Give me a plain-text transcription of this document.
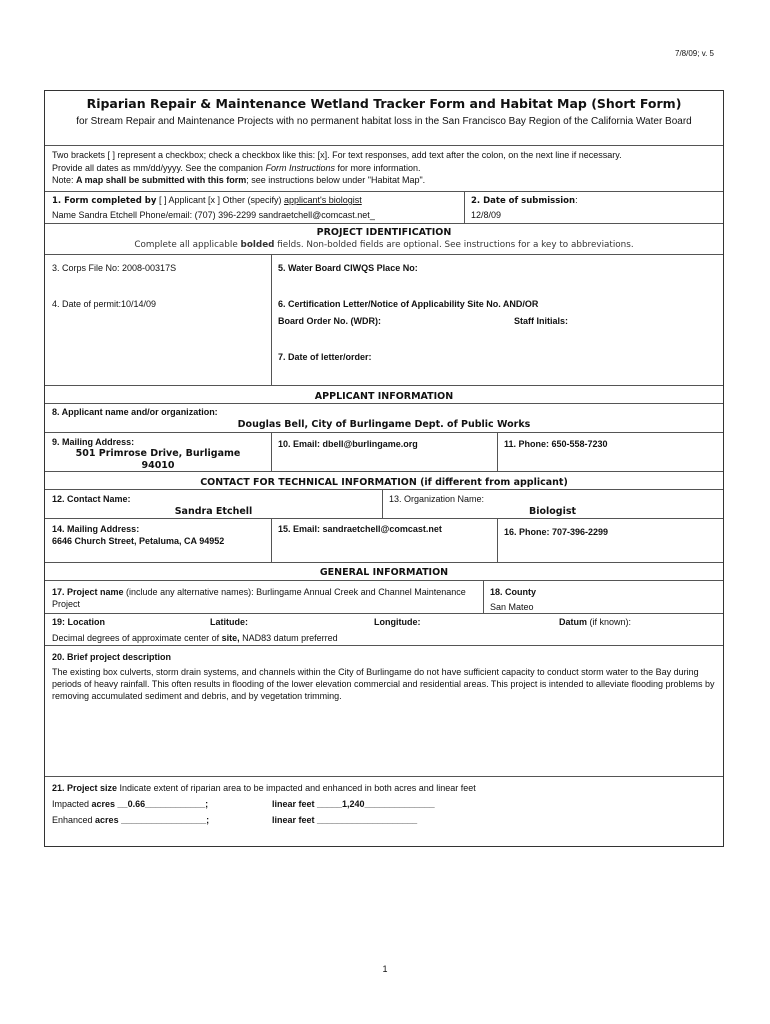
7/8/09; v. 5
Riparian Repair & Maintenance Wetland Tracker Form and Habitat Map (Short Form)
for Stream Repair and Maintenance Projects with no permanent habitat loss in the San Francisco Bay Region of the California Water Board
Two brackets [ ] represent a checkbox; check a checkbox like this: [x]. For text responses, add text after the colon, on the next line if necessary.
Provide all dates as mm/dd/yyyy. See the companion Form Instructions for more information.
Note: A map shall be submitted with this form; see instructions below under "Habitat Map".
1. Form completed by [ ] Applicant [x ] Other (specify) applicant's biologist
Name Sandra Etchell Phone/email: (707) 396-2299 sandraetchell@comcast.net_
2. Date of submission:
12/8/09
PROJECT IDENTIFICATION
Complete all applicable bolded fields. Non-bolded fields are optional. See instructions for a key to abbreviations.
3. Corps File No: 2008-00317S
4. Date of permit:10/14/09
5. Water Board CIWQS Place No:
6. Certification Letter/Notice of Applicability Site No. AND/OR
Board Order No. (WDR):	Staff Initials:
7. Date of letter/order:
APPLICANT INFORMATION
8. Applicant name and/or organization:
Douglas Bell, City of Burlingame Dept. of Public Works
9. Mailing Address:
501 Primrose Drive, Burligame
94010
10. Email: dbell@burlingame.org	11. Phone: 650-558-7230
CONTACT FOR TECHNICAL INFORMATION (if different from applicant)
12. Contact Name:
Sandra Etchell
13. Organization Name:
Biologist
14. Mailing Address:
6646 Church Street, Petaluma, CA 94952
15. Email: sandraetchell@comcast.net	16. Phone: 707-396-2299
GENERAL INFORMATION
17. Project name (include any alternative names): Burlingame Annual Creek and Channel Maintenance Project
18. County
San Mateo
19: Location	Latitude:	Longitude:	Datum (if known):
Decimal degrees of approximate center of site, NAD83 datum preferred
20. Brief project description
The existing box culverts, storm drain systems, and channels within the City of Burlingame do not have sufficient capacity to conduct storm water to the Bay during periods of heavy rainfall. This often results in flooding of the lower elevation commercial and residential areas. This project is intended to alleviate flooding problems by removing accumulated sediment and debris, and by vegetation trimming.
21. Project size Indicate extent of riparian area to be impacted and enhanced in both acres and linear feet
Impacted acres __0.66____________;	linear feet _____1,240______________
Enhanced acres _________________;	linear feet ____________________
1
